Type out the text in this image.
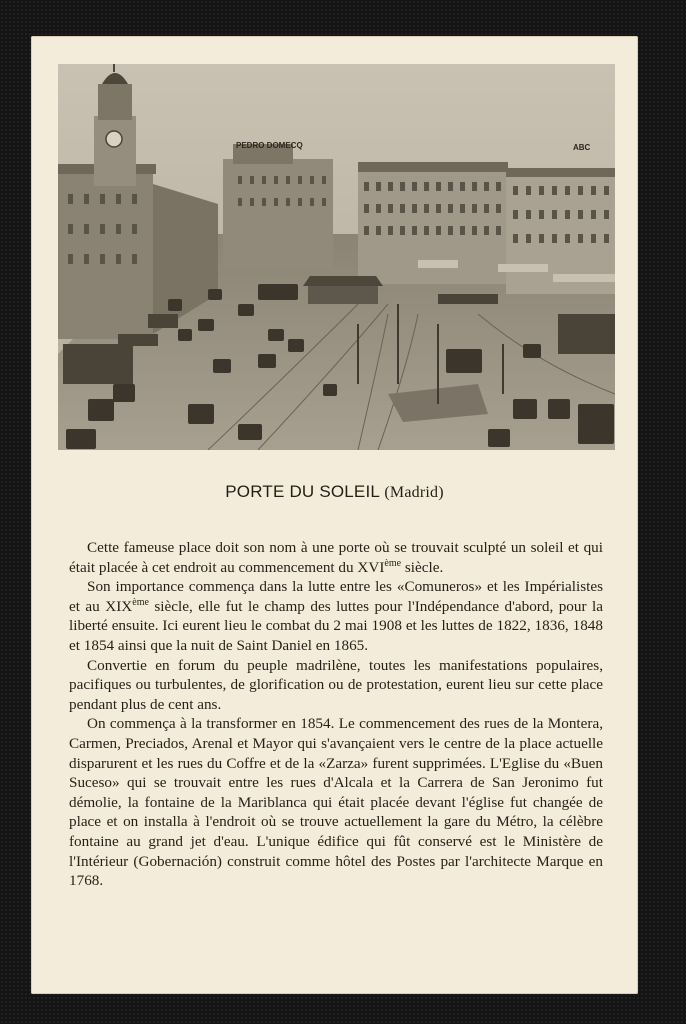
PEDRO DOMECQ	ABC
PORTE DU SOLEIL (Madrid)

Cette fameuse place doit son nom à une porte où se trouvait sculpté un soleil et qui était placée à cet endroit au commencement du XVIème siècle.

Son importance commença dans la lutte entre les «Comuneros» et les Impérialistes et au XIXème siècle, elle fut le champ des luttes pour l'Indépendance d'abord, pour la liberté ensuite. Ici eurent lieu le combat du 2 mai 1908 et les luttes de 1822, 1836, 1848 et 1854 ainsi que la nuit de Saint Daniel en 1865.

Convertie en forum du peuple madrilène, toutes les manifestations populaires, pacifiques ou turbulentes, de glorification ou de protestation, eurent lieu sur cette place pendant plus de cent ans.

On commença à la transformer en 1854. Le commencement des rues de la Montera, Carmen, Preciados, Arenal et Mayor qui s'avançaient vers le centre de la place actuelle disparurent et les rues du Coffre et de la «Zarza» furent supprimées. L'Eglise du «Buen Suceso» qui se trouvait entre les rues d'Alcala et la Carrera de San Jeronimo fut démolie, la fontaine de la Mariblanca qui était placée devant l'église fut changée de place et on installa à l'endroit où se trouve actuellement la gare du Métro, la célèbre fontaine au grand jet d'eau. L'unique édifice qui fût conservé est le Ministère de l'Intérieur (Gobernación) construit comme hôtel des Postes par l'architecte Marque en 1768.
